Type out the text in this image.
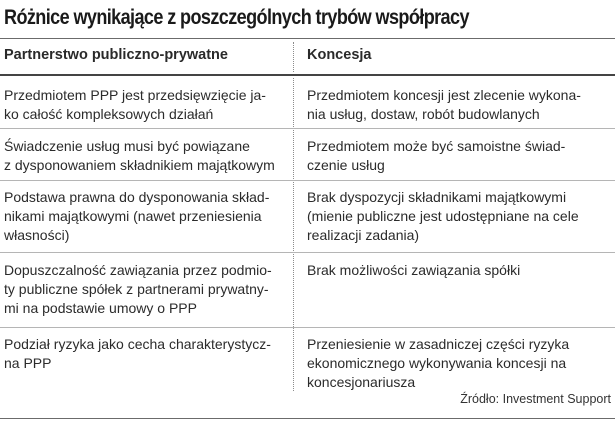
Różnice wynikające z poszczególnych trybów współpracy
Partnerstwo publiczno-prywatne	Koncesja
Przedmiotem PPP jest przedsięwzięcie ja-
ko całość kompleksowych działań
Przedmiotem koncesji jest zlecenie wykona-
nia usług, dostaw, robót budowlanych
Świadczenie usług musi być powiązane
z dysponowaniem składnikiem majątkowym
Przedmiotem może być samoistne świad-
czenie usług
Podstawa prawna do dysponowania skład-
nikami majątkowymi (nawet przeniesienia
własności)
Brak dyspozycji składnikami majątkowymi
(mienie publiczne jest udostępniane na cele
realizacji zadania)
Dopuszczalność zawiązania przez podmio-
ty publiczne spółek z partnerami prywatny-
mi na podstawie umowy o PPP
Brak możliwości zawiązania spółki
Podział ryzyka jako cecha charakterystycz-
na PPP
Przeniesienie w zasadniczej części ryzyka
ekonomicznego wykonywania koncesji na
koncesjonariusza
Źródło: Investment Support
